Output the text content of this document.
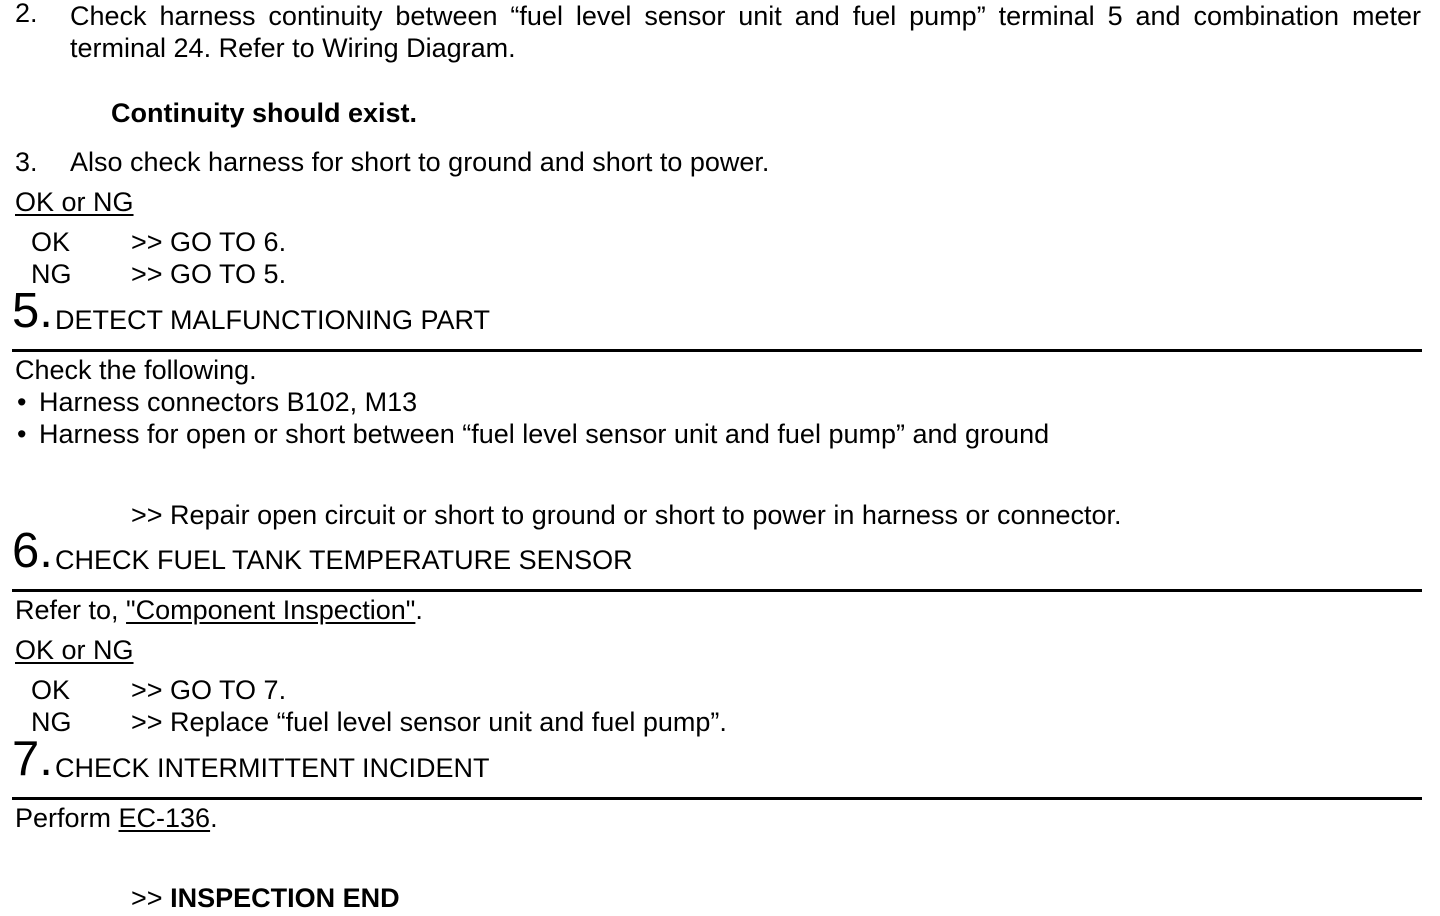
2. Check harness continuity between “fuel level sensor unit and fuel pump” terminal 5 and combination meter terminal 24. Refer to Wiring Diagram.
Continuity should exist.
3. Also check harness for short to ground and short to power.
OK or NG
OK >> GO TO 6.
NG >> GO TO 5.
5. DETECT MALFUNCTIONING PART
Check the following.
• Harness connectors B102, M13
• Harness for open or short between “fuel level sensor unit and fuel pump” and ground
>> Repair open circuit or short to ground or short to power in harness or connector.
6. CHECK FUEL TANK TEMPERATURE SENSOR
Refer to, "Component Inspection".
OK or NG
OK >> GO TO 7.
NG >> Replace “fuel level sensor unit and fuel pump”.
7. CHECK INTERMITTENT INCIDENT
Perform EC-136.
>> INSPECTION END
